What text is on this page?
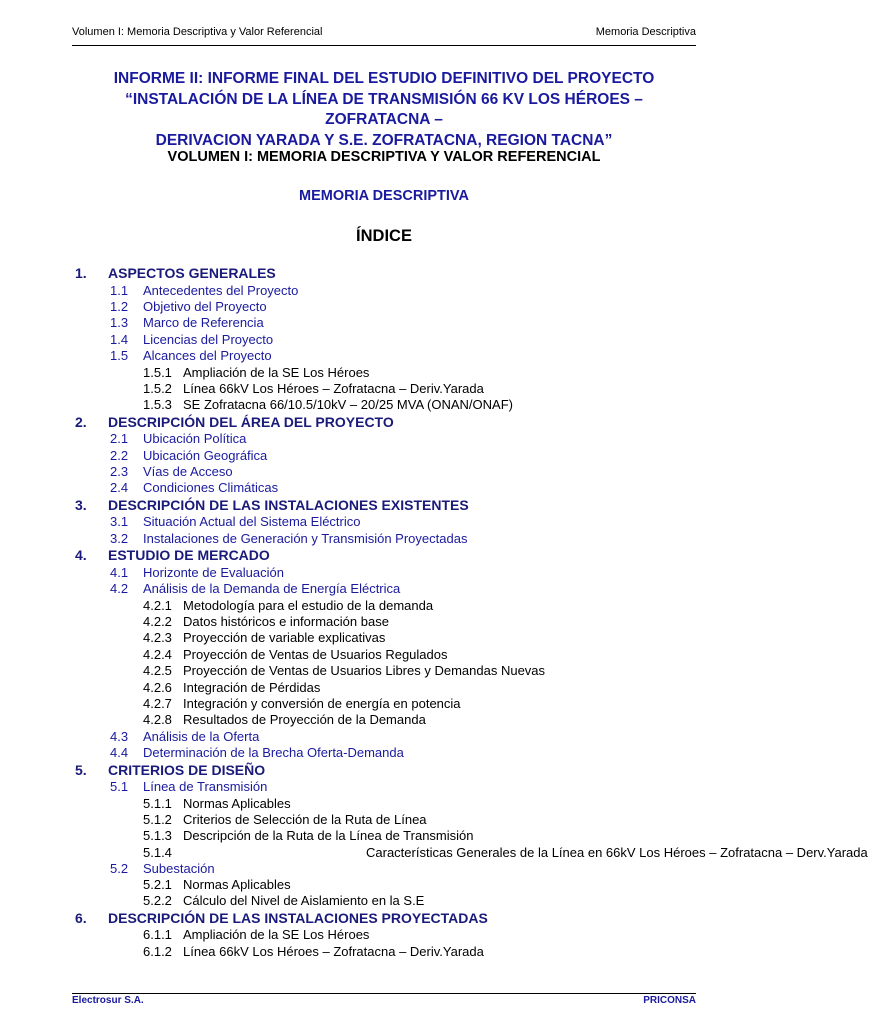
Volumen I: Memoria Descriptiva y Valor Referencial	Memoria Descriptiva
INFORME II: INFORME FINAL DEL ESTUDIO DEFINITIVO DEL PROYECTO
“INSTALACIÓN DE LA LÍNEA DE TRANSMISIÓN 66 KV LOS HÉROES – ZOFRATACNA –
DERIVACION YARADA Y S.E. ZOFRATACNA, REGION TACNA”
VOLUMEN I: MEMORIA DESCRIPTIVA Y VALOR REFERENCIAL
MEMORIA DESCRIPTIVA
ÍNDICE
1. ASPECTOS GENERALES
1.1 Antecedentes del Proyecto
1.2 Objetivo del Proyecto
1.3 Marco de Referencia
1.4 Licencias del Proyecto
1.5 Alcances del Proyecto
1.5.1 Ampliación de la SE Los Héroes
1.5.2 Línea 66kV Los Héroes – Zofratacna – Deriv.Yarada
1.5.3 SE Zofratacna 66/10.5/10kV – 20/25 MVA (ONAN/ONAF)
2. DESCRIPCIÓN DEL ÁREA DEL PROYECTO
2.1 Ubicación Política
2.2 Ubicación Geográfica
2.3 Vías de Acceso
2.4 Condiciones Climáticas
3. DESCRIPCIÓN DE LAS INSTALACIONES EXISTENTES
3.1 Situación Actual del Sistema Eléctrico
3.2 Instalaciones de Generación y Transmisión Proyectadas
4. ESTUDIO DE MERCADO
4.1 Horizonte de Evaluación
4.2 Análisis de la Demanda de Energía Eléctrica
4.2.1 Metodología para el estudio de la demanda
4.2.2 Datos históricos e información base
4.2.3 Proyección de variable explicativas
4.2.4 Proyección de Ventas de Usuarios Regulados
4.2.5 Proyección de Ventas de Usuarios Libres y Demandas Nuevas
4.2.6 Integración de Pérdidas
4.2.7 Integración y conversión de energía en potencia
4.2.8 Resultados de Proyección de la Demanda
4.3 Análisis de la Oferta
4.4 Determinación de la Brecha Oferta-Demanda
5. CRITERIOS DE DISEÑO
5.1 Línea de Transmisión
5.1.1 Normas Aplicables
5.1.2 Criterios de Selección de la Ruta de Línea
5.1.3 Descripción de la Ruta de la Línea de Transmisión
5.1.4	Características Generales de la Línea en 66kV Los Héroes – Zofratacna – Derv.Yarada
5.2 Subestación
5.2.1 Normas Aplicables
5.2.2 Cálculo del Nivel de Aislamiento en la S.E
6. DESCRIPCIÓN DE LAS INSTALACIONES PROYECTADAS
6.1.1 Ampliación de la SE Los Héroes
6.1.2 Línea 66kV Los Héroes – Zofratacna – Deriv.Yarada
Electrosur S.A.	PRICONSA
